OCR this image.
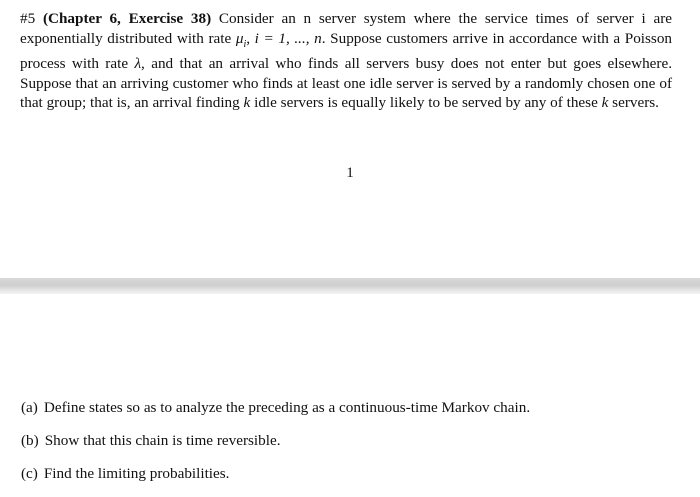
#5 (Chapter 6, Exercise 38) Consider an n server system where the service times of server i are exponentially distributed with rate $\mu_i$, i = 1, ..., n. Suppose customers arrive in accordance with a Poisson process with rate λ, and that an arrival who finds all servers busy does not enter but goes elsewhere. Suppose that an arriving customer who finds at least one idle server is served by a randomly chosen one of that group; that is, an arrival finding k idle servers is equally likely to be served by any of these k servers.
1
(a) Define states so as to analyze the preceding as a continuous-time Markov chain.
(b) Show that this chain is time reversible.
(c) Find the limiting probabilities.
